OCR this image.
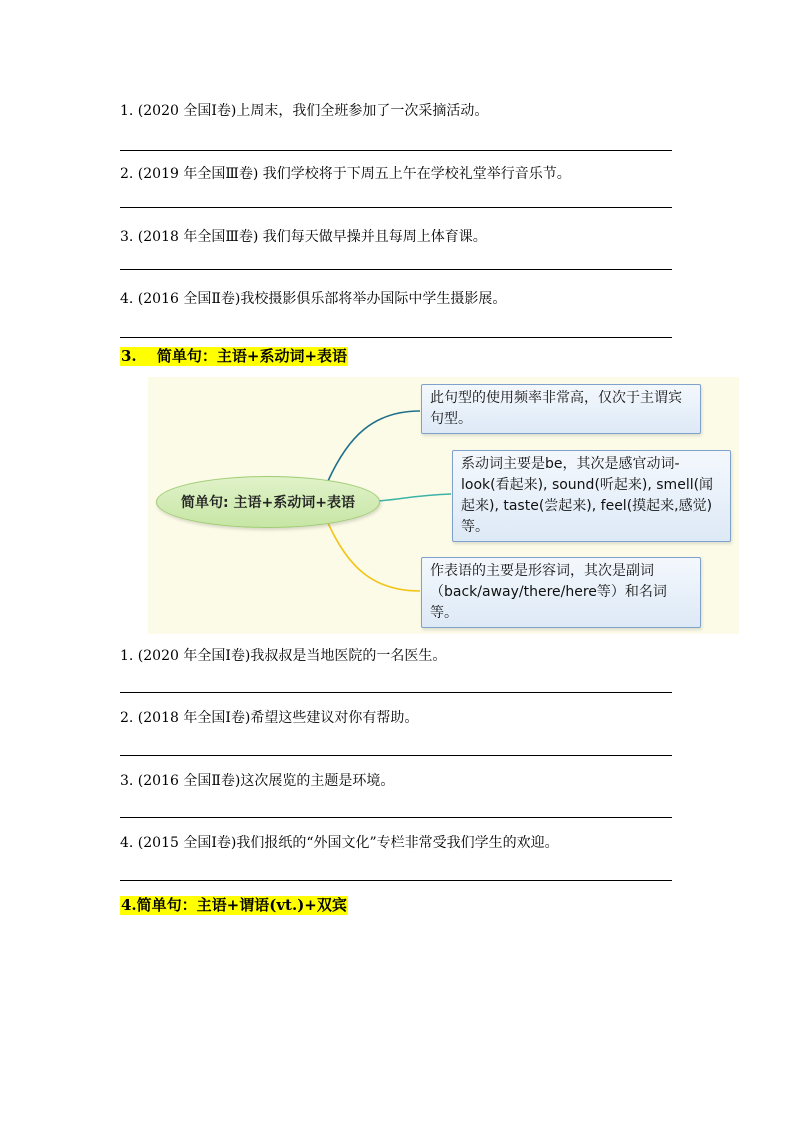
1. (2020 全国Ⅰ卷)上周末，我们全班参加了一次采摘活动。
2. (2019 年全国Ⅲ卷) 我们学校将于下周五上午在学校礼堂举行音乐节。
3. (2018 年全国Ⅲ卷) 我们每天做早操并且每周上体育课。
4. (2016 全国Ⅱ卷)我校摄影俱乐部将举办国际中学生摄影展。
3.　 简单句：主语+系动词+表语
简单句: 主语+系动词+表语
此句型的使用频率非常高，仅次于主谓宾句型。
系动词主要是be，其次是感官动词-look(看起来), sound(听起来), smell(闻起来), taste(尝起来), feel(摸起来,感觉)等。
作表语的主要是形容词，其次是副词（back/away/there/here等）和名词等。
1. (2020 年全国Ⅰ卷)我叔叔是当地医院的一名医生。
2. (2018 年全国Ⅰ卷)希望这些建议对你有帮助。
3. (2016 全国Ⅱ卷)这次展览的主题是环境。
4. (2015 全国Ⅰ卷)我们报纸的“外国文化”专栏非常受我们学生的欢迎。
4.简单句：主语+谓语(vt.)+双宾
